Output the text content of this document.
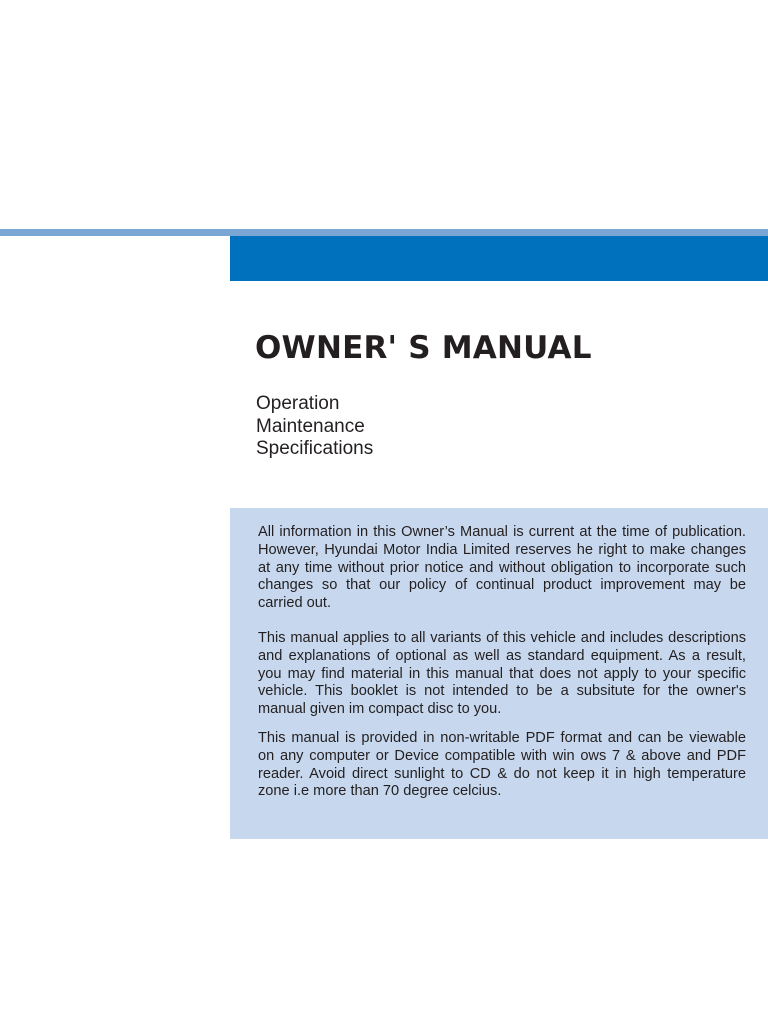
OWNER' S MANUAL
Operation
Maintenance
Specifications

All information in this Owner’s Manual is current at the time of publication. However, Hyundai Motor India Limited reserves he right to make changes at any time without prior notice and without obligation to incorporate such changes so that our policy of continual product improvement may be carried out.

This manual applies to all variants of this vehicle and includes descriptions and explanations of optional as well as standard equipment. As a result, you may find material in this manual that does not apply to your specific vehicle. This booklet is not intended to be a subsitute for the owner's manual given im compact disc to you.

This manual is provided in non-writable PDF format and can be viewable on any computer or Device compatible with win ows 7 & above and PDF reader. Avoid direct sunlight to CD & do not keep it in high temperature zone i.e more than 70 degree celcius.
